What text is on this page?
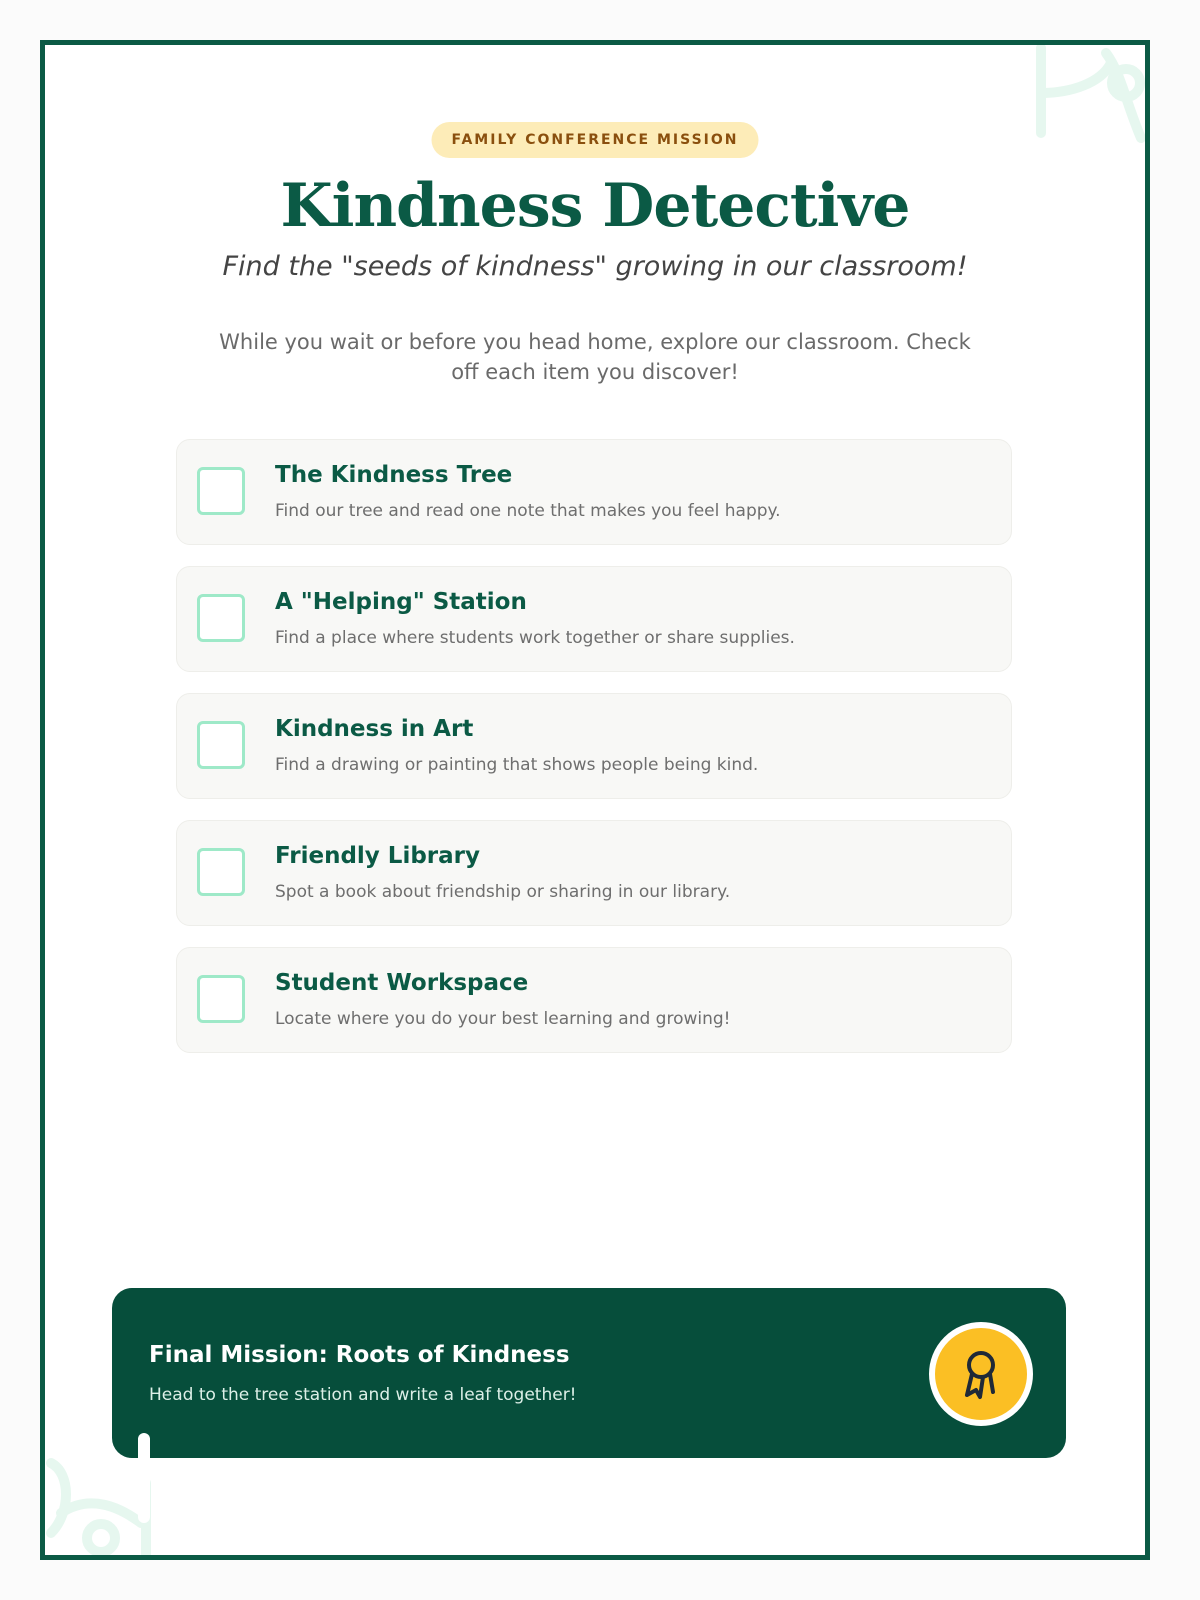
FAMILY CONFERENCE MISSION
Kindness Detective

Find the "seeds of kindness" growing in our classroom!

While you wait or before you head home, explore our classroom. Check off each item you discover!

The Kindness Tree
Find our tree and read one note that makes you feel happy.
A "Helping" Station
Find a place where students work together or share supplies.
Kindness in Art
Find a drawing or painting that shows people being kind.
Friendly Library
Spot a book about friendship or sharing in our library.
Student Workspace
Locate where you do your best learning and growing!
Final Mission: Roots of Kindness
Head to the tree station and write a leaf together!
